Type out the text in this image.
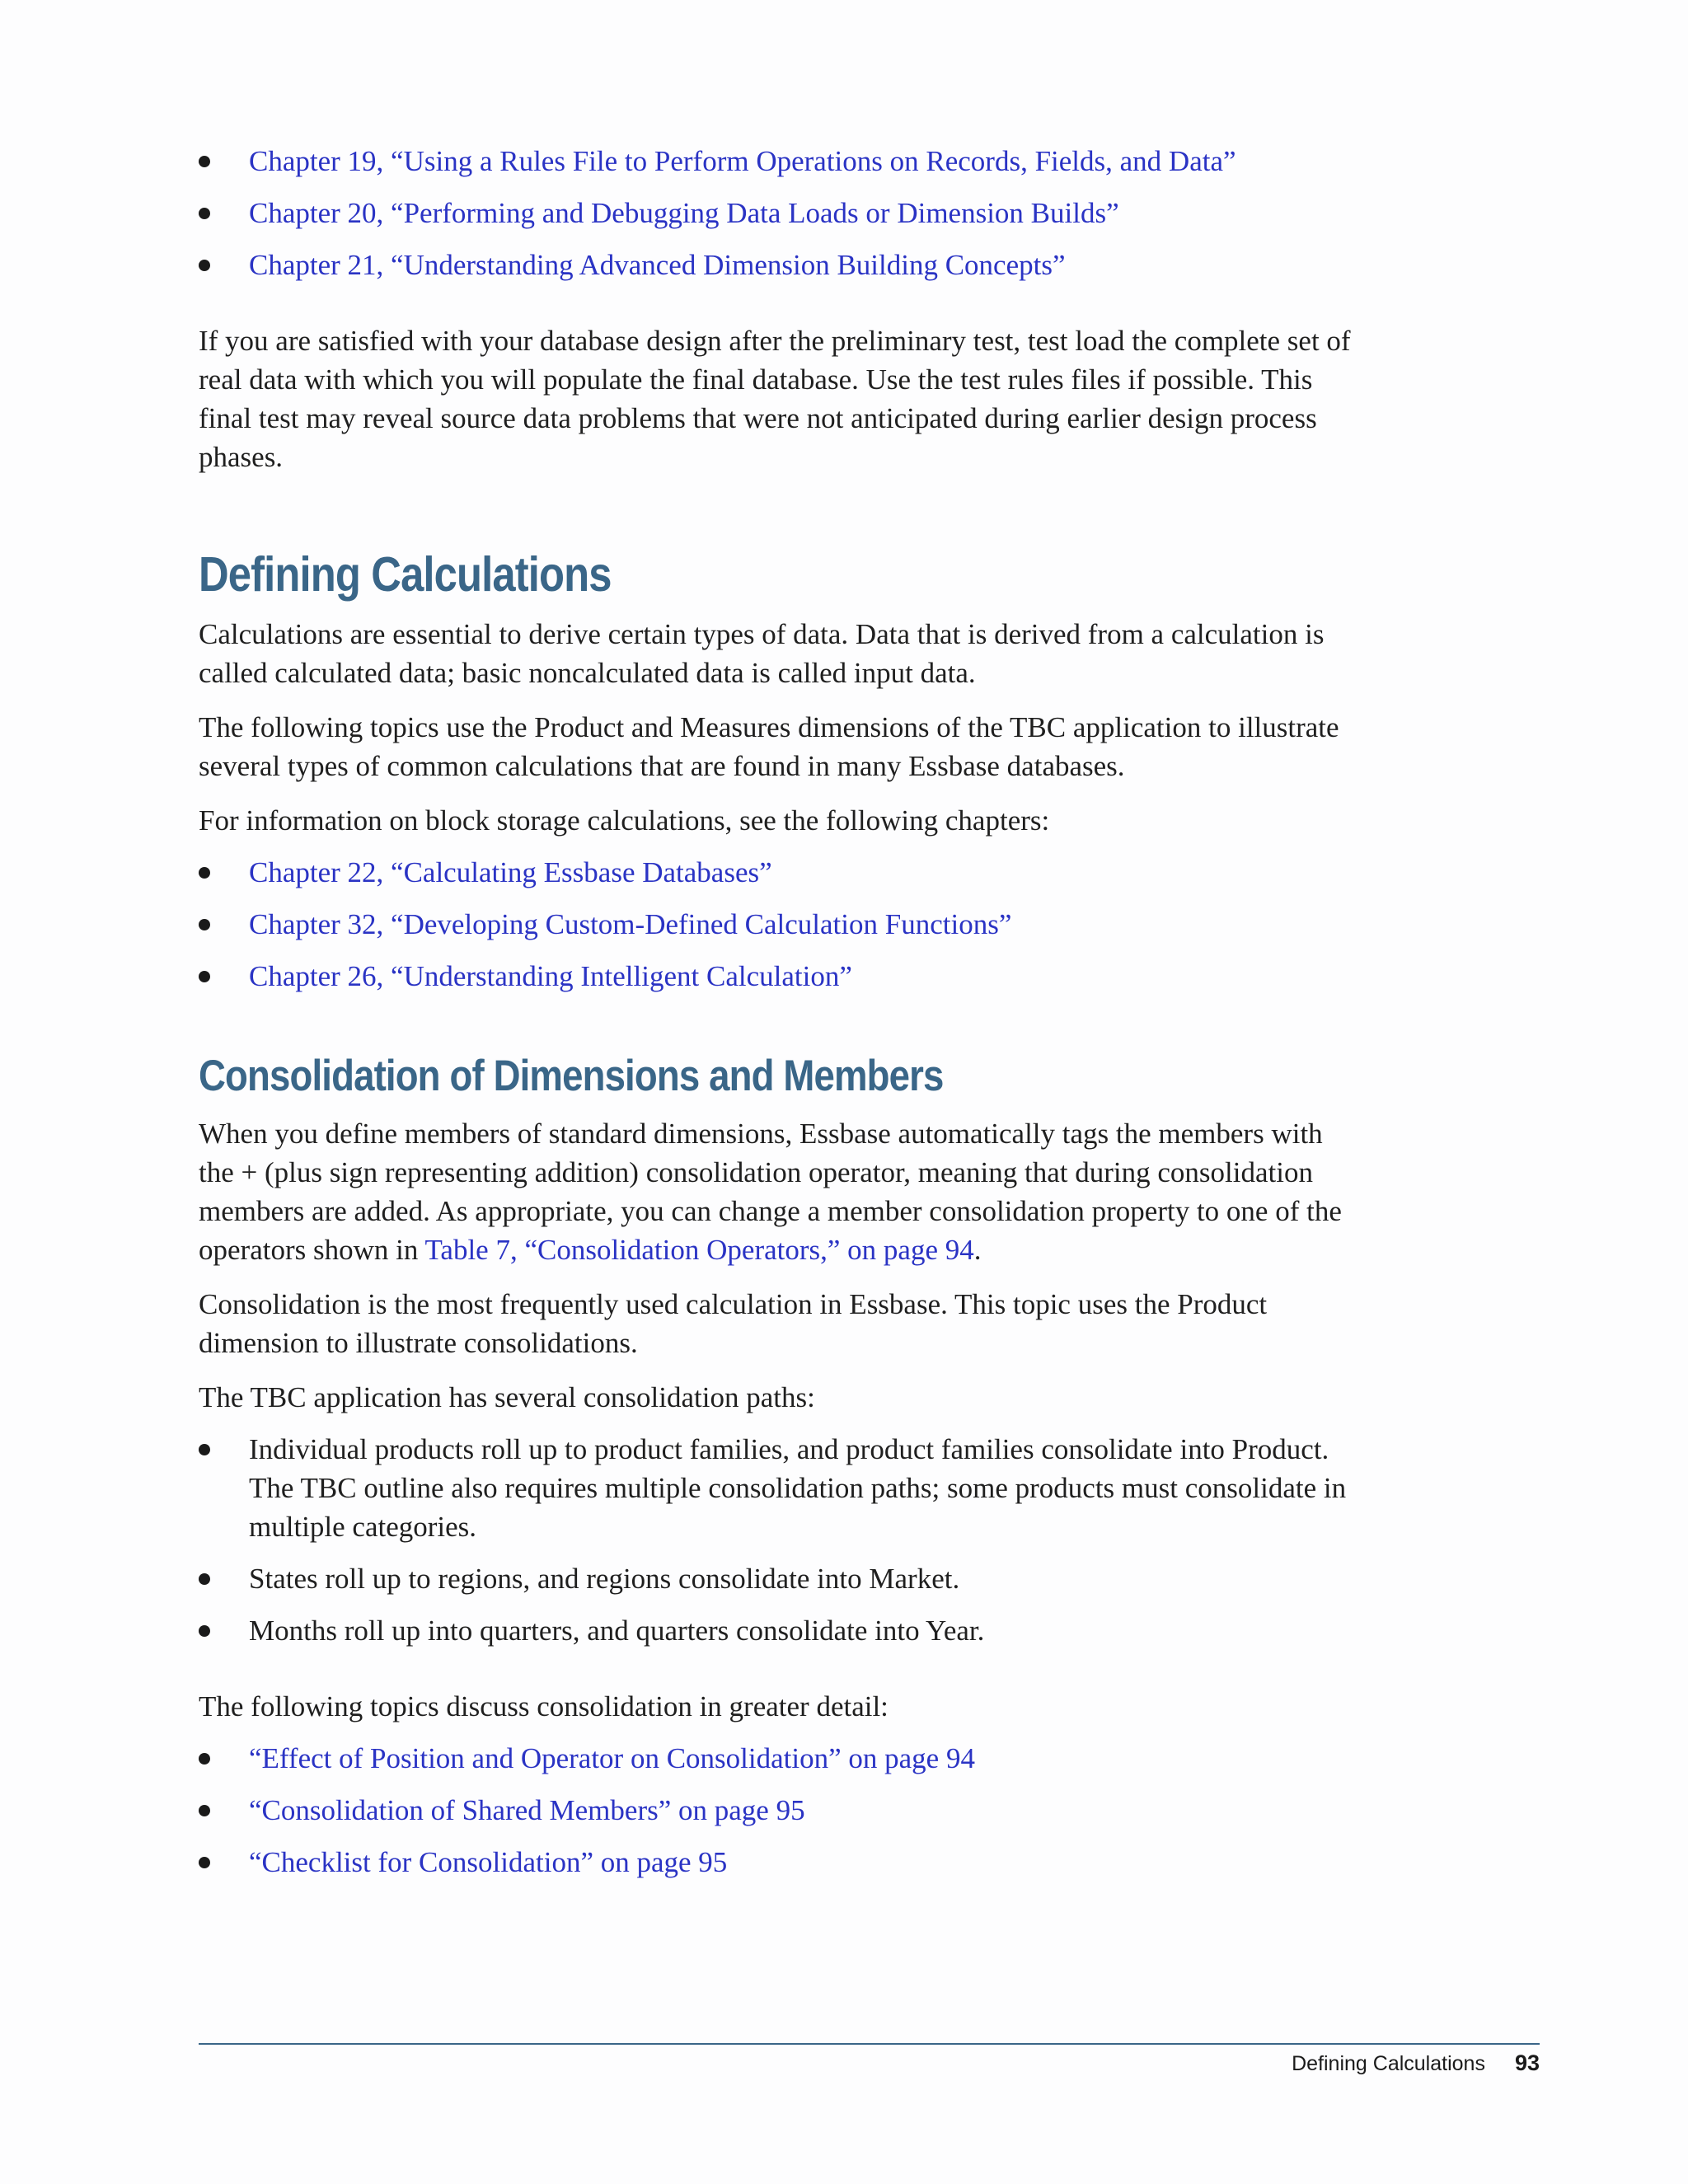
Chapter 19, “Using a Rules File to Perform Operations on Records, Fields, and Data”
Chapter 20, “Performing and Debugging Data Loads or Dimension Builds”
Chapter 21, “Understanding Advanced Dimension Building Concepts”

If you are satisfied with your database design after the preliminary test, test load the complete set of real data with which you will populate the final database. Use the test rules files if possible. This final test may reveal source data problems that were not anticipated during earlier design process phases.

Defining Calculations

Calculations are essential to derive certain types of data. Data that is derived from a calculation is called calculated data; basic noncalculated data is called input data.

The following topics use the Product and Measures dimensions of the TBC application to illustrate several types of common calculations that are found in many Essbase databases.

For information on block storage calculations, see the following chapters:

Chapter 22, “Calculating Essbase Databases”
Chapter 32, “Developing Custom-Defined Calculation Functions”
Chapter 26, “Understanding Intelligent Calculation”
Consolidation of Dimensions and Members

When you define members of standard dimensions, Essbase automatically tags the members with the + (plus sign representing addition) consolidation operator, meaning that during consolidation members are added. As appropriate, you can change a member consolidation property to one of the operators shown in Table 7, “Consolidation Operators,” on page 94.

Consolidation is the most frequently used calculation in Essbase. This topic uses the Product dimension to illustrate consolidations.

The TBC application has several consolidation paths:

Individual products roll up to product families, and product families consolidate into Product. The TBC outline also requires multiple consolidation paths; some products must consolidate in multiple categories.
States roll up to regions, and regions consolidate into Market.
Months roll up into quarters, and quarters consolidate into Year.

The following topics discuss consolidation in greater detail:

“Effect of Position and Operator on Consolidation” on page 94
“Consolidation of Shared Members” on page 95
“Checklist for Consolidation” on page 95
Defining Calculations 93
